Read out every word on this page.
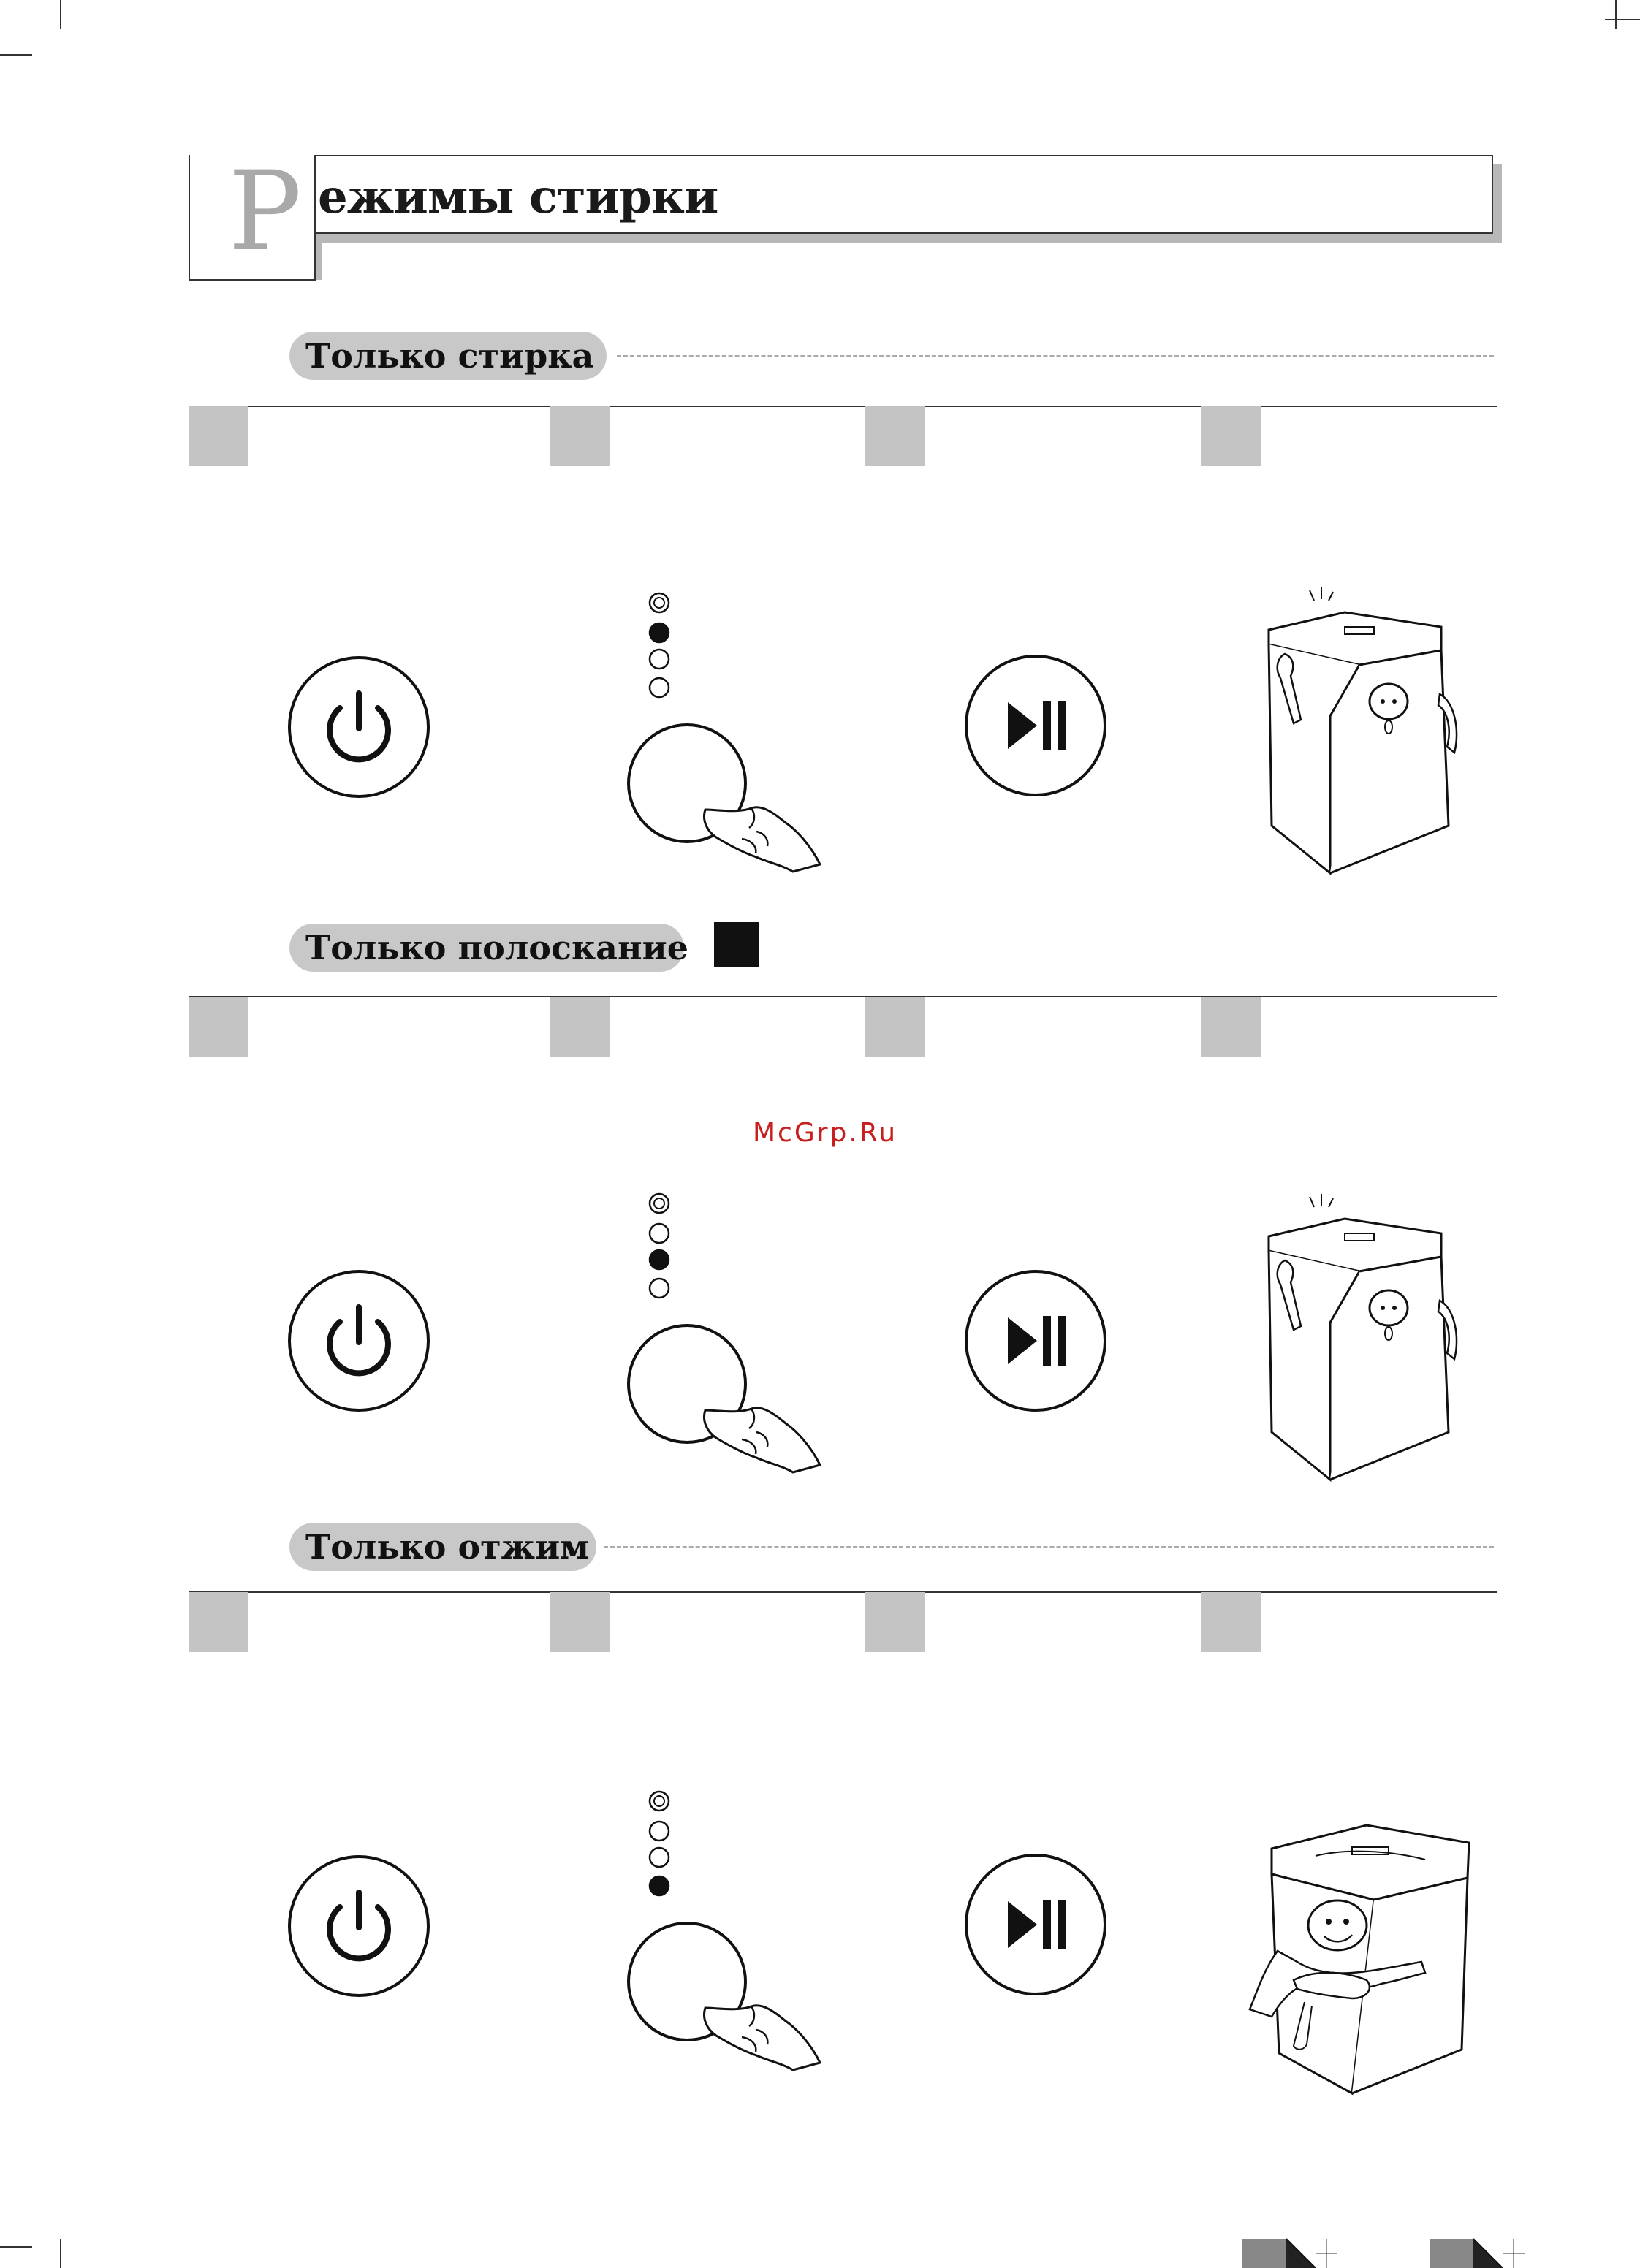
Р ежимы стирки
Только стирка
Только полоскание
McGrp.Ru
Только отжим
